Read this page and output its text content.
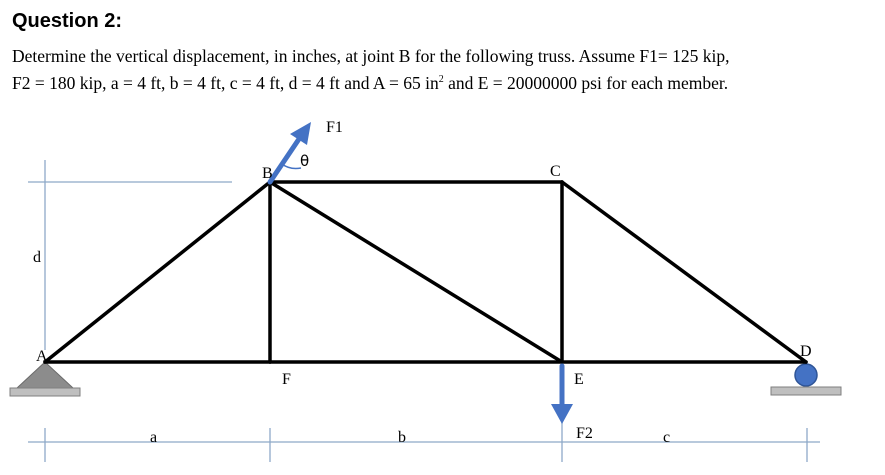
Question 2:
Determine the vertical displacement, in inches, at joint B for the following truss. Assume F1= 125 kip,
F2 = 180 kip, a = 4 ft, b = 4 ft, c = 4 ft, d = 4 ft and A = 65 $in^2$ and E = 20000000 psi for each member.
A
B	C
D
E
F
F1
F2
θ
a	b	c
d
